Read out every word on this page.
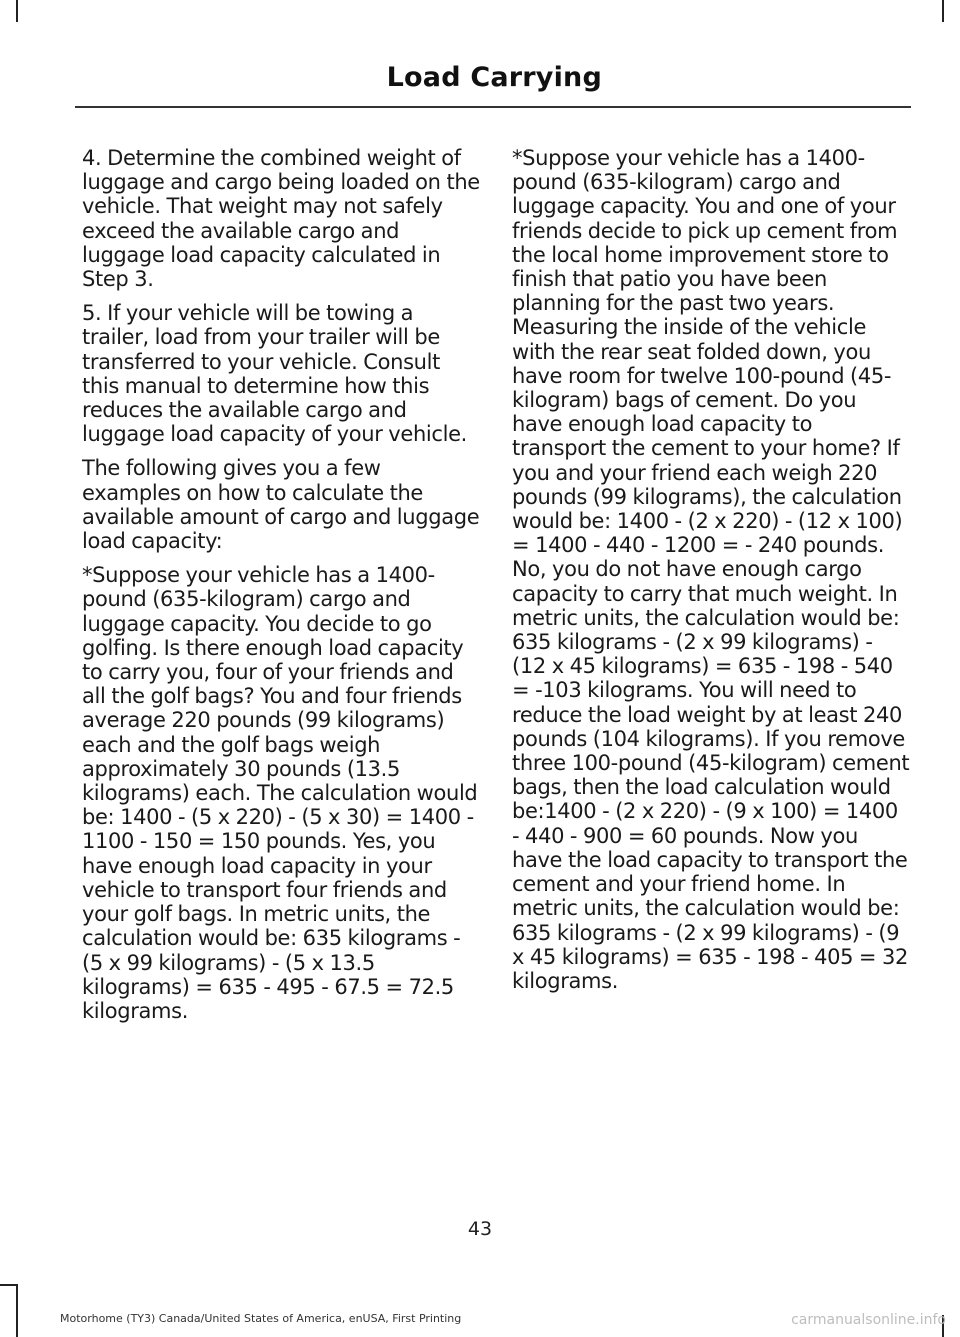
Load Carrying

4. Determine the combined weight of luggage and cargo being loaded on the vehicle. That weight may not safely exceed the available cargo and luggage load capacity calculated in Step 3.

5. If your vehicle will be towing a trailer, load from your trailer will be transferred to your vehicle. Consult this manual to determine how this reduces the available cargo and luggage load capacity of your vehicle.

The following gives you a few examples on how to calculate the available amount of cargo and luggage load capacity:

*Suppose your vehicle has a 1400-pound (635-kilogram) cargo and luggage capacity. You decide to go golfing. Is there enough load capacity to carry you, four of your friends and all the golf bags? You and four friends average 220 pounds (99 kilograms) each and the golf bags weigh approximately 30 pounds (13.5 kilograms) each. The calculation would be: 1400 - (5 x 220) - (5 x 30) = 1400 - 1100 - 150 = 150 pounds. Yes, you have enough load capacity in your vehicle to transport four friends and your golf bags. In metric units, the calculation would be: 635 kilograms - (5 x 99 kilograms) - (5 x 13.5 kilograms) = 635 - 495 - 67.5 = 72.5 kilograms.

*Suppose your vehicle has a 1400-pound (635-kilogram) cargo and luggage capacity. You and one of your friends decide to pick up cement from the local home improvement store to finish that patio you have been planning for the past two years. Measuring the inside of the vehicle with the rear seat folded down, you have room for twelve 100-pound (45-kilogram) bags of cement. Do you have enough load capacity to transport the cement to your home? If you and your friend each weigh 220 pounds (99 kilograms), the calculation would be: 1400 - (2 x 220) - (12 x 100) = 1400 - 440 - 1200 = - 240 pounds. No, you do not have enough cargo capacity to carry that much weight. In metric units, the calculation would be: 635 kilograms - (2 x 99 kilograms) - (12 x 45 kilograms) = 635 - 198 - 540 = -103 kilograms. You will need to reduce the load weight by at least 240 pounds (104 kilograms). If you remove three 100-pound (45-kilogram) cement bags, then the load calculation would be:1400 - (2 x 220) - (9 x 100) = 1400 - 440 - 900 = 60 pounds. Now you have the load capacity to transport the cement and your friend home. In metric units, the calculation would be: 635 kilograms - (2 x 99 kilograms) - (9 x 45 kilograms) = 635 - 198 - 405 = 32 kilograms.

43
Motorhome (TY3) Canada/United States of America, enUSA, First Printing	carmanualsonline.info
